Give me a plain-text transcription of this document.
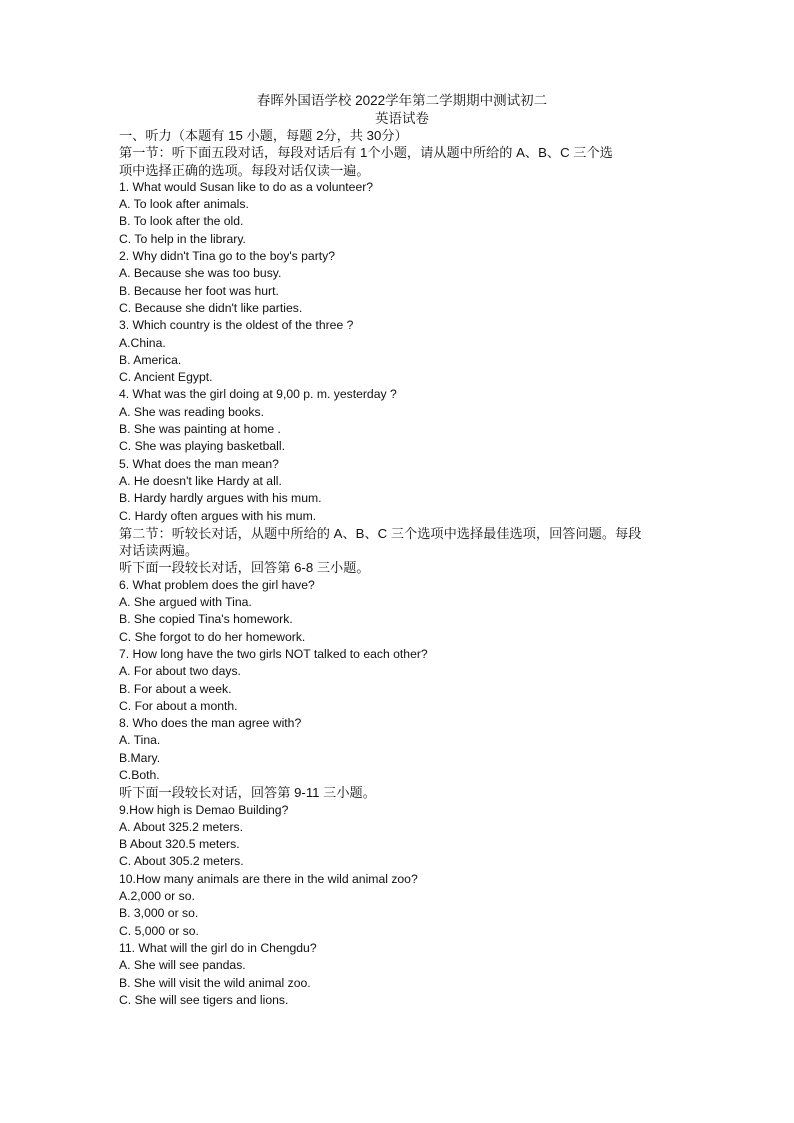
春晖外国语学校 2022学年第二学期期中测试初二
英语试卷
一、听力（本题有 15 小题，每题 2分，共 30分）
第一节：听下面五段对话，每段对话后有 1个小题，请从题中所给的 A、B、C 三个选
项中选择正确的选项。每段对话仅读一遍。
1. What would Susan like to do as a volunteer?
A. To look after animals.
B. To look after the old.
C. To help in the library.
2. Why didn't Tina go to the boy's party?
A. Because she was too busy.
B. Because her foot was hurt.
C. Because she didn't like parties.
3. Which country is the oldest of the three ?
A.China.
B. America.
C. Ancient Egypt.
4. What was the girl doing at 9,00 p. m. yesterday ?
A. She was reading books.
B. She was painting at home .
C. She was playing basketball.
5. What does the man mean?
A. He doesn't like Hardy at all.
B. Hardy hardly argues with his mum.
C. Hardy often argues with his mum.
第二节：听较长对话，从题中所给的 A、B、C 三个选项中选择最佳选项，回答问题。每段
对话读两遍。
听下面一段较长对话，回答第 6-8 三小题。
6. What problem does the girl have?
A. She argued with Tina.
B. She copied Tina's homework.
C. She forgot to do her homework.
7. How long have the two girls NOT talked to each other?
A. For about two days.
B. For about a week.
C. For about a month.
8. Who does the man agree with?
A. Tina.
B.Mary.
C.Both.
听下面一段较长对话，回答第 9-11 三小题。
9.How high is Demao Building?
A. About 325.2 meters.
B About 320.5 meters.
C. About 305.2 meters.
10.How many animals are there in the wild animal zoo?
A.2,000 or so.
B. 3,000 or so.
C. 5,000 or so.
11. What will the girl do in Chengdu?
A. She will see pandas.
B. She will visit the wild animal zoo.
C. She will see tigers and lions.
